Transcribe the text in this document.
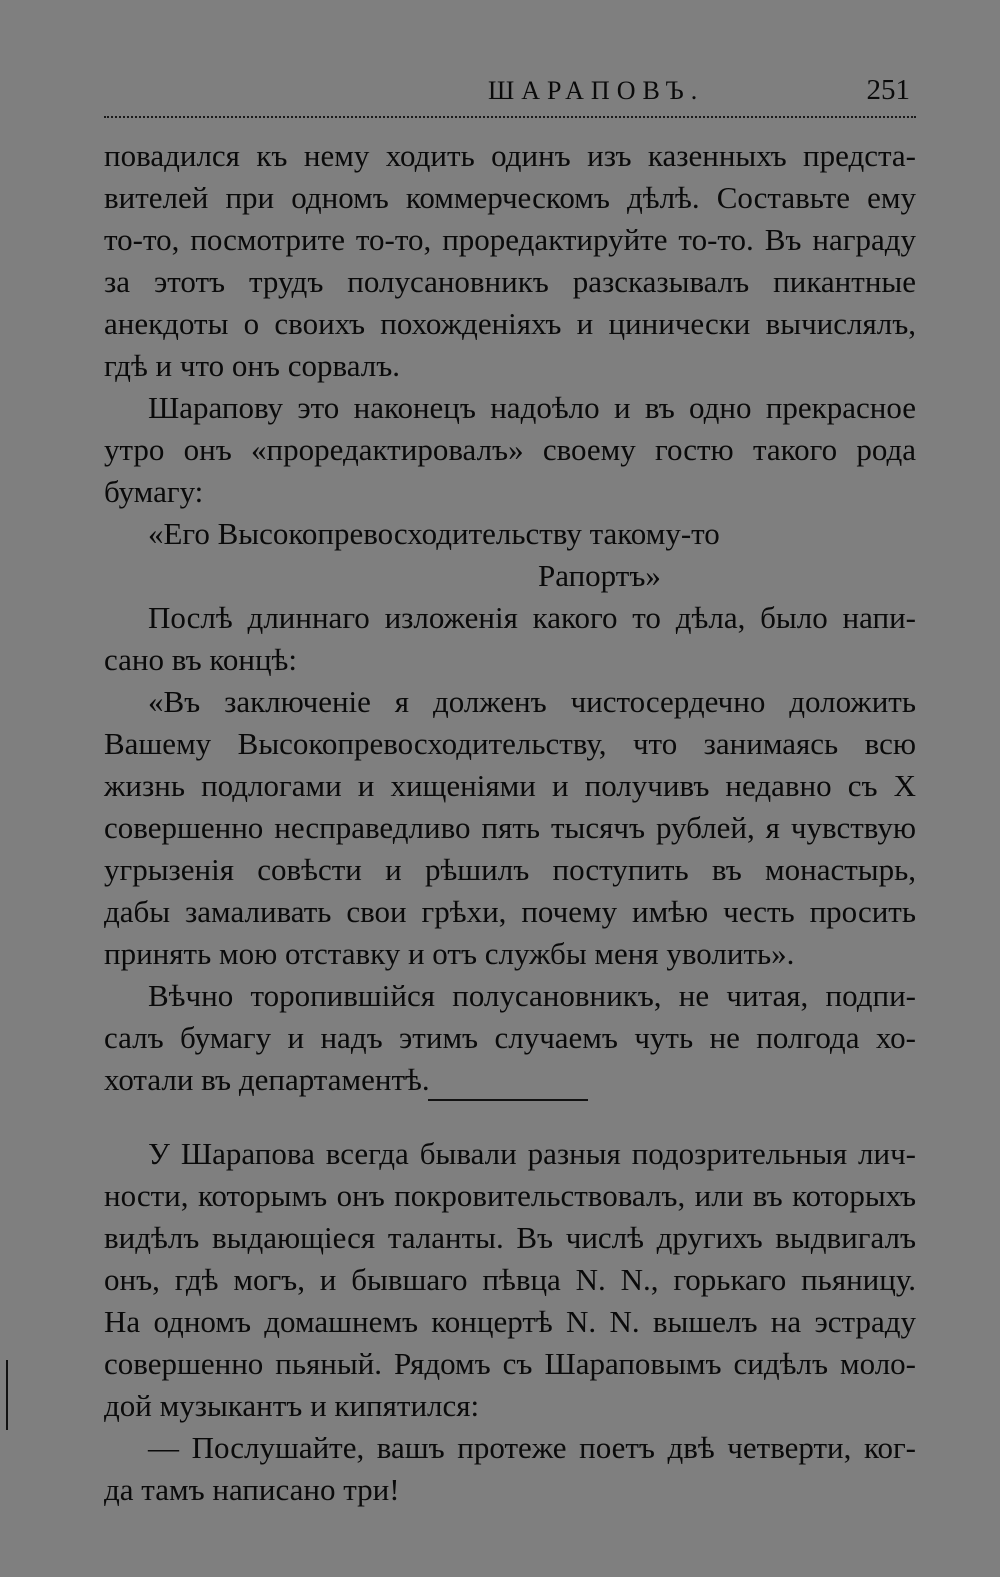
ШАРАПОВЪ.	251
повадился къ нему ходить одинъ изъ казенныхъ предста-
вителей при одномъ коммерческомъ дѣлѣ. Составьте ему
то-то, посмотрите то-то, проредактируйте то-то. Въ награду
за этотъ трудъ полусановникъ разсказывалъ пикантные
анекдоты о своихъ похожденіяхъ и цинически вычислялъ,
гдѣ и что онъ сорвалъ.
Шарапову это наконецъ надоѣло и въ одно прекрасное
утро онъ «проредактировалъ» своему гостю такого рода
бумагу:
«Его Высокопревосходительству такому-то
Рапортъ»
Послѣ длиннаго изложенія какого то дѣла, было напи-
сано въ концѣ:
«Въ заключеніе я долженъ чистосердечно доложить
Вашему Высокопревосходительству, что занимаясь всю
жизнь подлогами и хищеніями и получивъ недавно съ X
совершенно несправедливо пять тысячъ рублей, я чувствую
угрызенія совѣсти и рѣшилъ поступить въ монастырь,
дабы замаливать свои грѣхи, почему имѣю честь просить
принять мою отставку и отъ службы меня уволить».
Вѣчно торопившійся полусановникъ, не читая, подпи-
салъ бумагу и надъ этимъ случаемъ чуть не полгода хо-
хотали въ департаментѣ.
У Шарапова всегда бывали разныя подозрительныя лич-
ности, которымъ онъ покровительствовалъ, или въ которыхъ
видѣлъ выдающіеся таланты. Въ числѣ другихъ выдвигалъ
онъ, гдѣ могъ, и бывшаго пѣвца N. N., горькаго пьяницу.
На одномъ домашнемъ концертѣ N. N. вышелъ на эстраду
совершенно пьяный. Рядомъ съ Шараповымъ сидѣлъ моло-
дой музыкантъ и кипятился:
— Послушайте, вашъ протеже поетъ двѣ четверти, ког-
да тамъ написано три!
